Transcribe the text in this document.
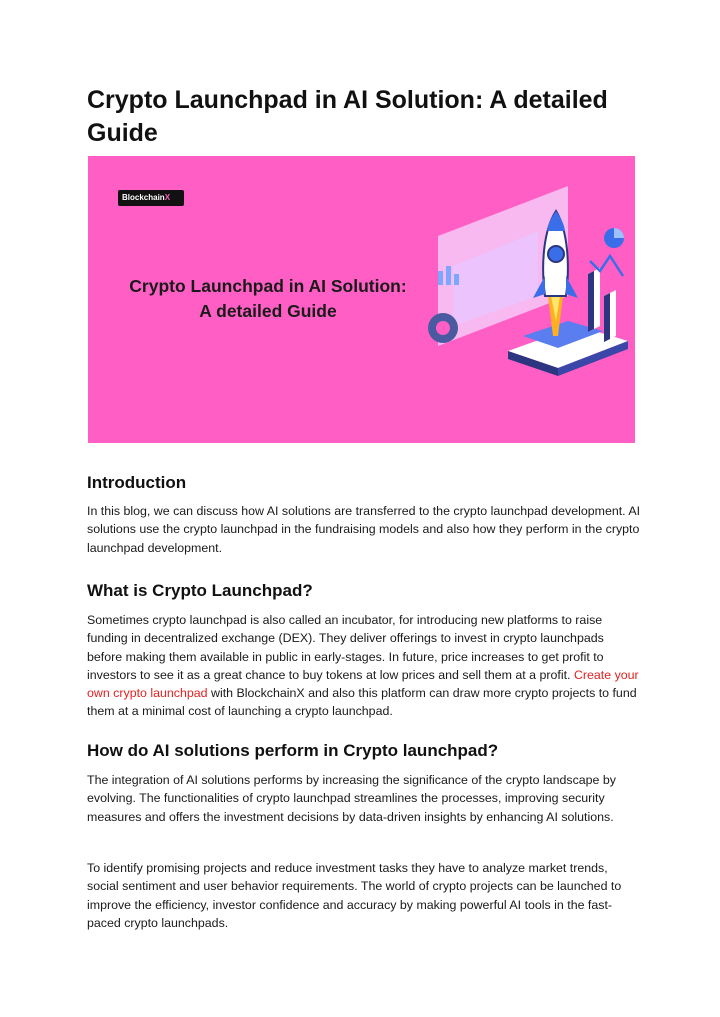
Crypto Launchpad in AI Solution: A detailed Guide
BlockchainX
Crypto Launchpad in AI Solution:
A detailed Guide
Introduction

In this blog, we can discuss how AI solutions are transferred to the crypto launchpad development. AI solutions use the crypto launchpad in the fundraising models and also how they perform in the crypto launchpad development.

What is Crypto Launchpad?

Sometimes crypto launchpad is also called an incubator, for introducing new platforms to raise funding in decentralized exchange (DEX). They deliver offerings to invest in crypto launchpads before making them available in public in early-stages. In future, price increases to get profit to investors to see it as a great chance to buy tokens at low prices and sell them at a profit. Create your own crypto launchpad with BlockchainX and also this platform can draw more crypto projects to fund them at a minimal cost of launching a crypto launchpad.

How do AI solutions perform in Crypto launchpad?

The integration of AI solutions performs by increasing the significance of the crypto landscape by evolving. The functionalities of crypto launchpad streamlines the processes, improving security measures and offers the investment decisions by data-driven insights by enhancing AI solutions.

To identify promising projects and reduce investment tasks they have to analyze market trends, social sentiment and user behavior requirements. The world of crypto projects can be launched to improve the efficiency, investor confidence and accuracy by making powerful AI tools in the fast-paced crypto launchpads.
